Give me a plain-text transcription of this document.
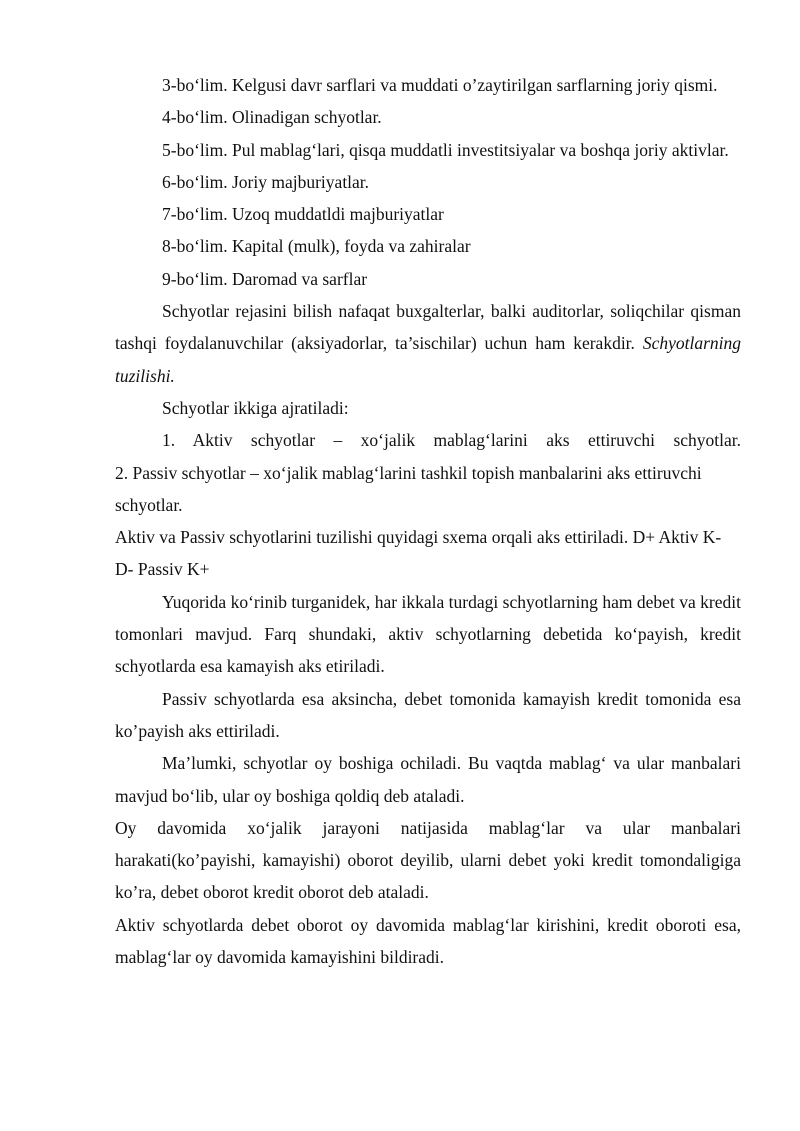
3-bo‘lim. Kelgusi davr sarflari va muddati o’zaytirilgan sarflarning joriy qismi.

4-bo‘lim. Olinadigan schyotlar.

5-bo‘lim. Pul mablag‘lari, qisqa muddatli investitsiyalar va boshqa joriy aktivlar.

6-bo‘lim. Joriy majburiyatlar.

7-bo‘lim. Uzoq muddatldi majburiyatlar

8-bo‘lim. Kapital (mulk), foyda va zahiralar

9-bo‘lim. Daromad va sarflar

Schyotlar rejasini bilish nafaqat buxgalterlar, balki auditorlar, soliqchilar qisman tashqi foydalanuvchilar (aksiyadorlar, ta’sischilar) uchun ham kerakdir. Schyotlarning tuzilishi.

Schyotlar ikkiga ajratiladi:

1. Aktiv schyotlar – xo‘jalik mablag‘larini aks ettiruvchi schyotlar.

2. Passiv schyotlar – xo‘jalik mablag‘larini tashkil topish manbalarini aks ettiruvchi schyotlar.

Aktiv va Passiv schyotlarini tuzilishi quyidagi sxema orqali aks ettiriladi. D+ Aktiv K- D- Passiv K+

Yuqorida ko‘rinib turganidek, har ikkala turdagi schyotlarning ham debet va kredit tomonlari mavjud. Farq shundaki, aktiv schyotlarning debetida ko‘payish, kredit schyotlarda esa kamayish aks etiriladi.

Passiv schyotlarda esa aksincha, debet tomonida kamayish kredit tomonida esa ko’payish aks ettiriladi.

Ma’lumki, schyotlar oy boshiga ochiladi. Bu vaqtda mablag‘ va ular manbalari mavjud bo‘lib, ular oy boshiga qoldiq deb ataladi.

Oy davomida xo‘jalik jarayoni natijasida mablag‘lar va ular manbalari harakati(ko’payishi, kamayishi) oborot deyilib, ularni debet yoki kredit tomondaligiga ko’ra, debet oborot kredit oborot deb ataladi.

Aktiv schyotlarda debet oborot oy davomida mablag‘lar kirishini, kredit oboroti esa, mablag‘lar oy davomida kamayishini bildiradi.
